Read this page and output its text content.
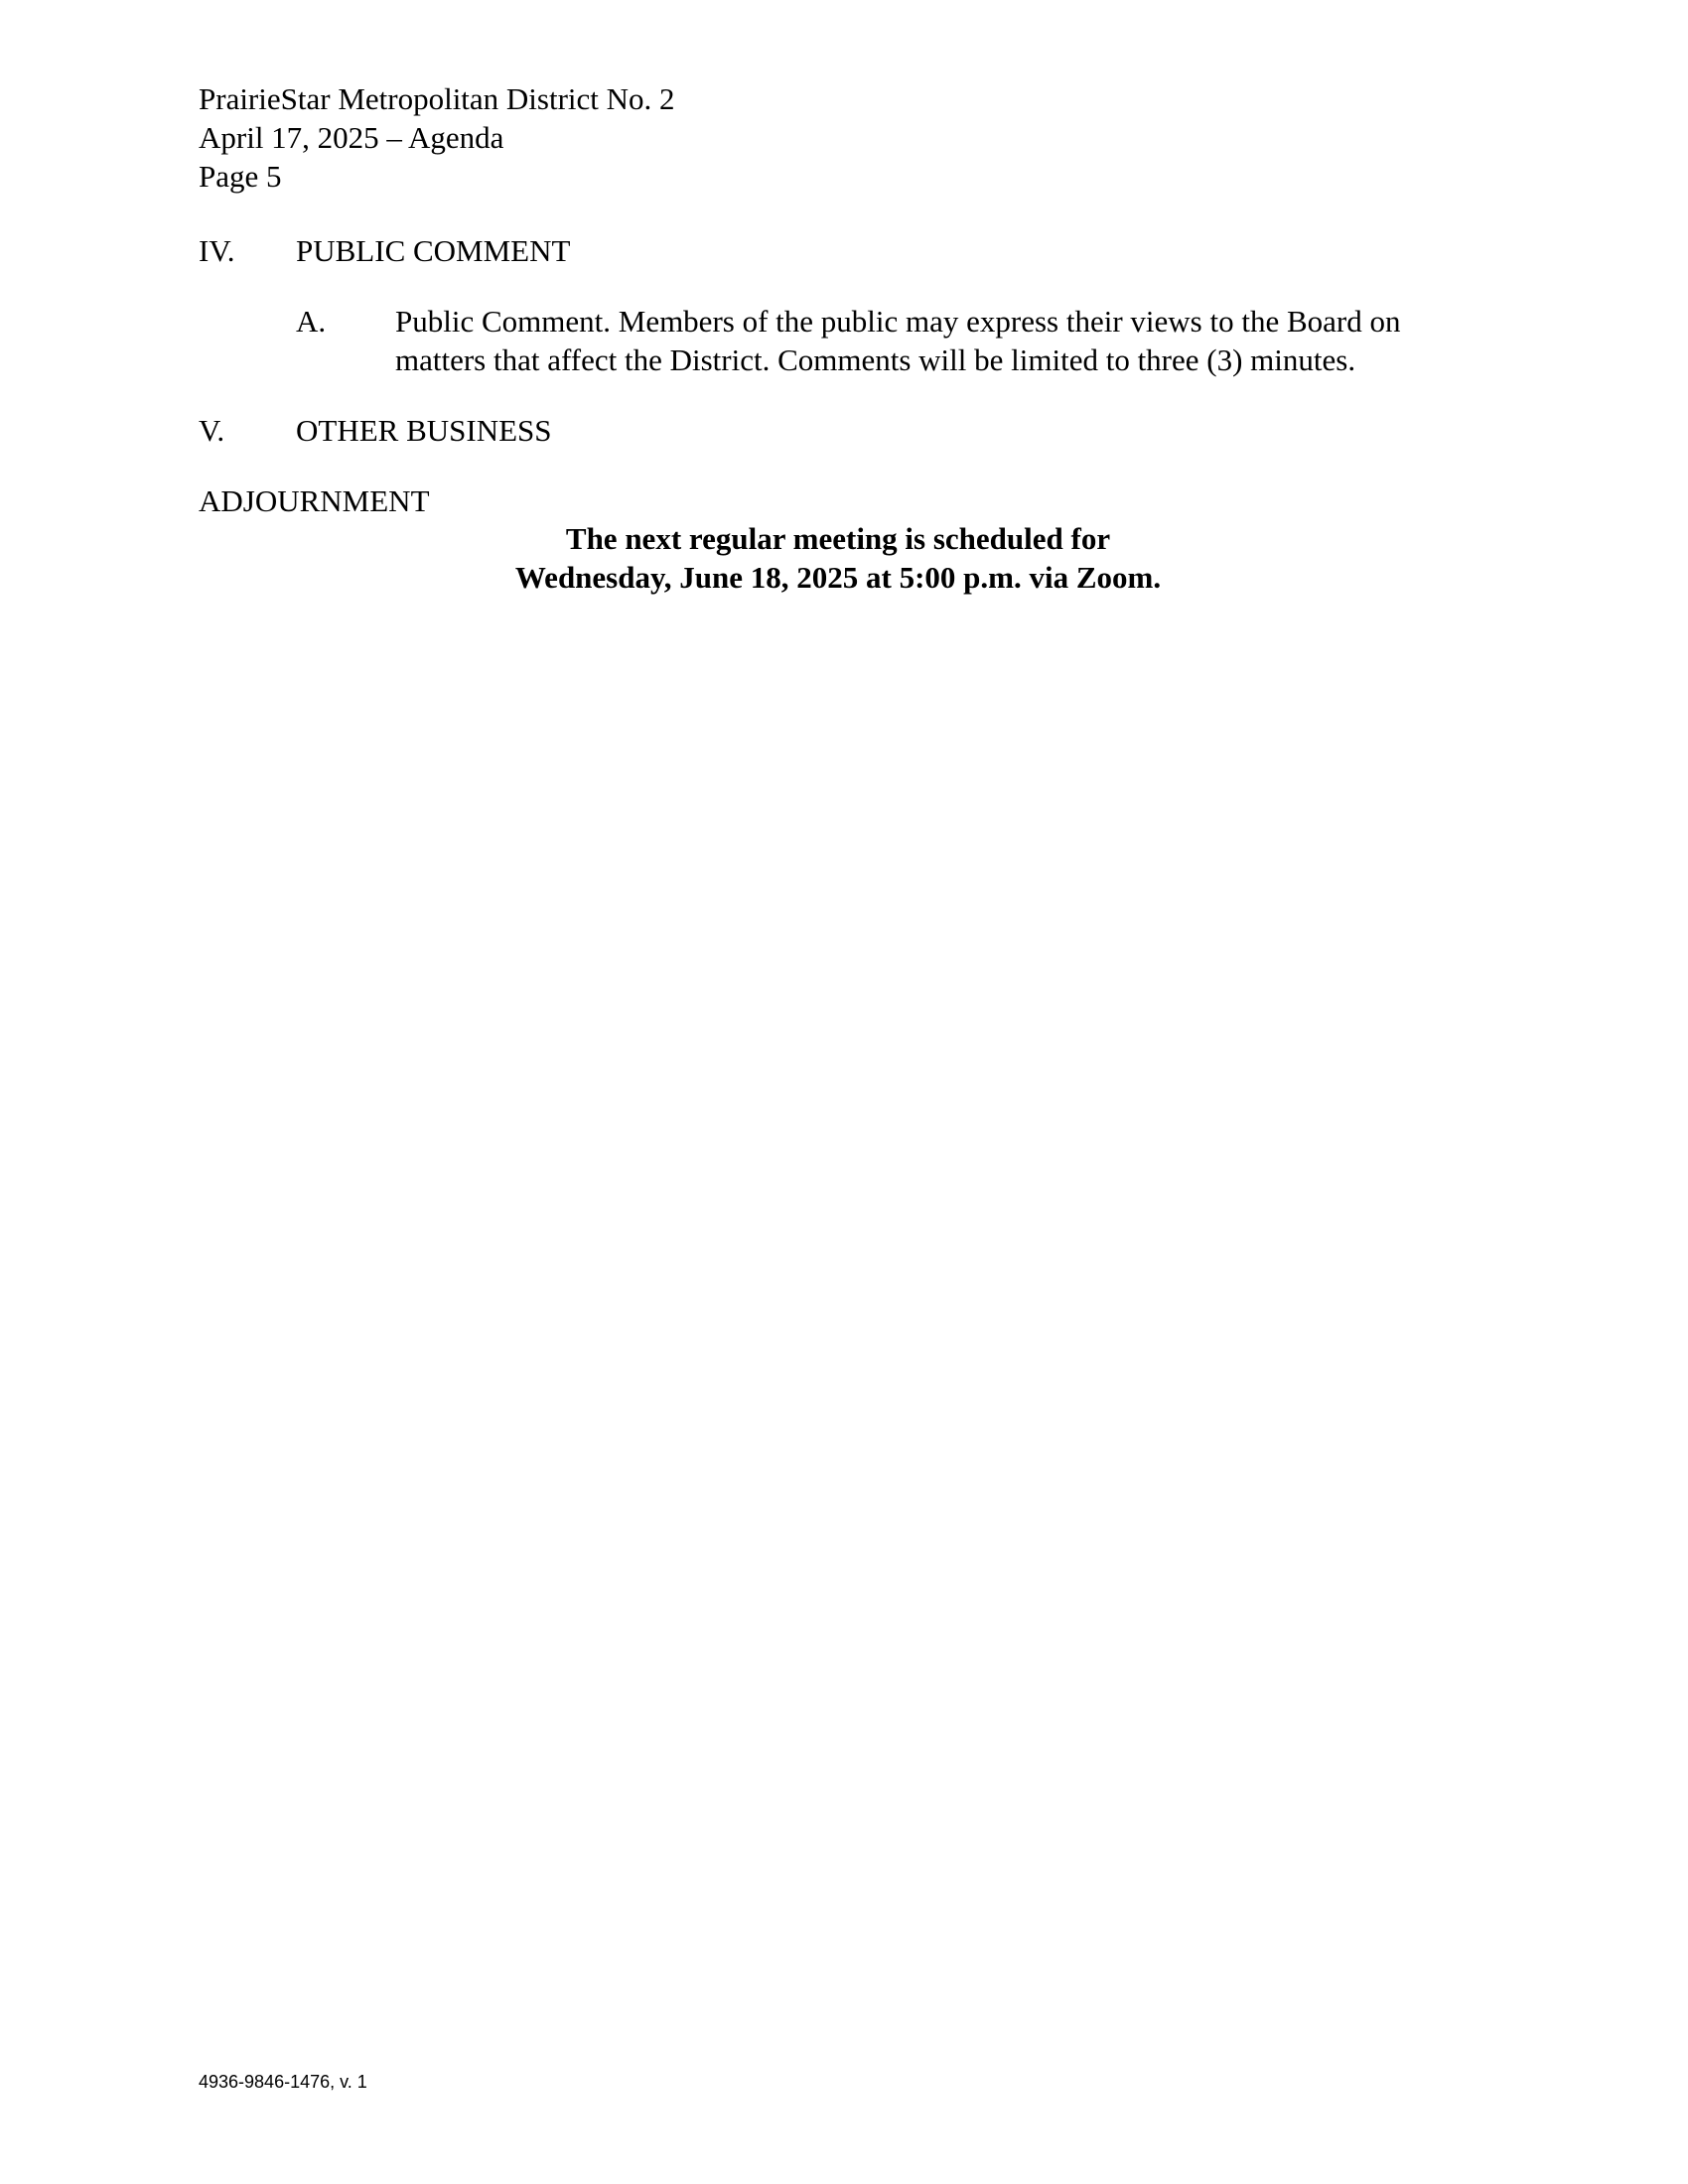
PrairieStar Metropolitan District No. 2
April 17, 2025 – Agenda
Page 5
IV. PUBLIC COMMENT
A. Public Comment. Members of the public may express their views to the Board on
matters that affect the District. Comments will be limited to three (3) minutes.
V. OTHER BUSINESS
ADJOURNMENT
The next regular meeting is scheduled for
Wednesday, June 18, 2025 at 5:00 p.m. via Zoom.
4936-9846-1476, v. 1
